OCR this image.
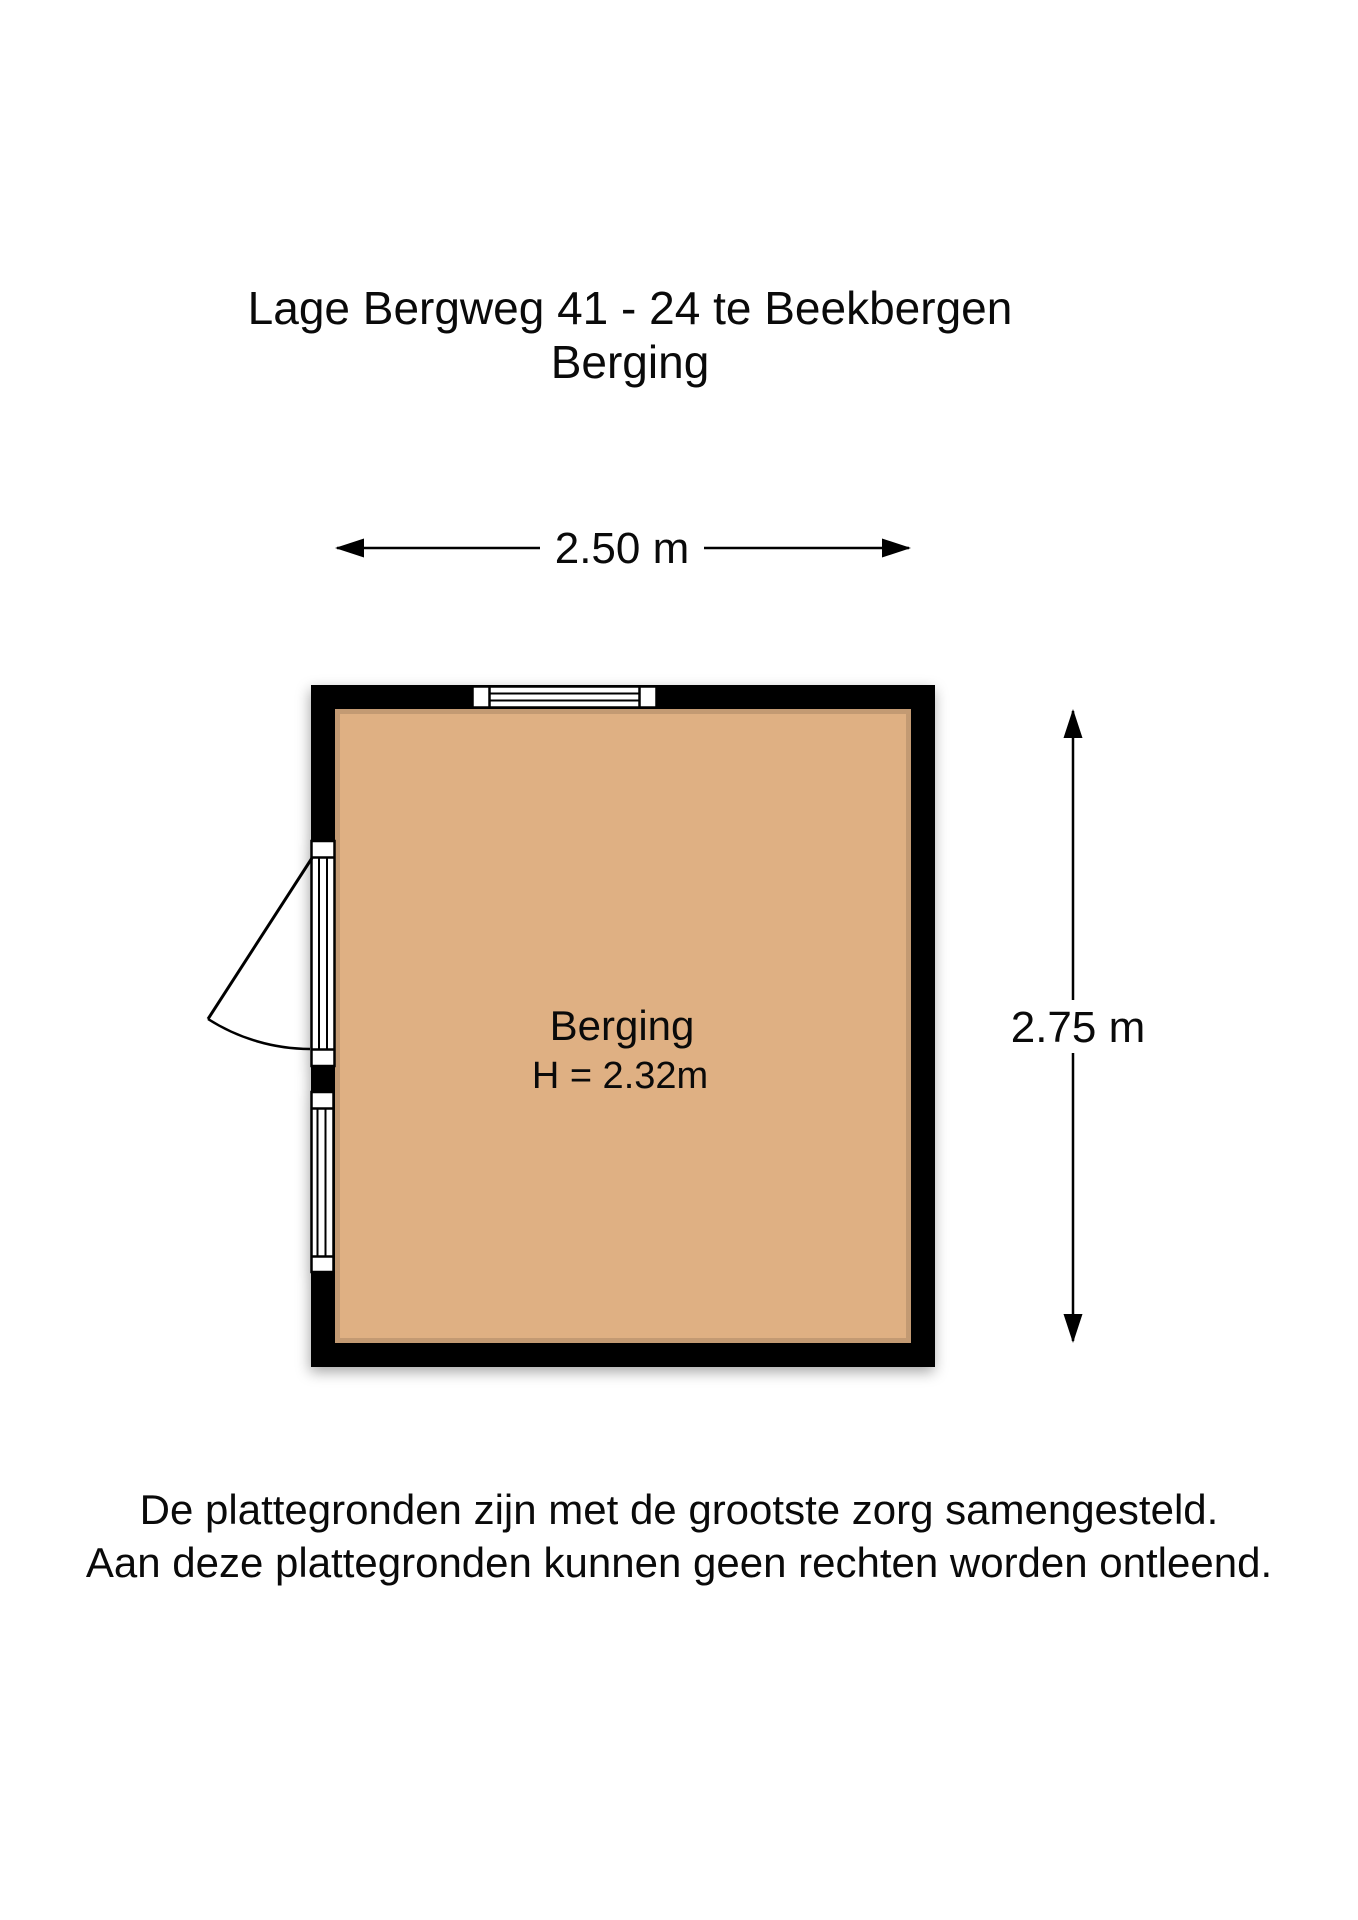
Lage Bergweg 41 - 24 te Beekbergen
Berging
2.50 m
2.75 m
Berging
H = 2.32m
De plattegronden zijn met de grootste zorg samengesteld.
Aan deze plattegronden kunnen geen rechten worden ontleend.
